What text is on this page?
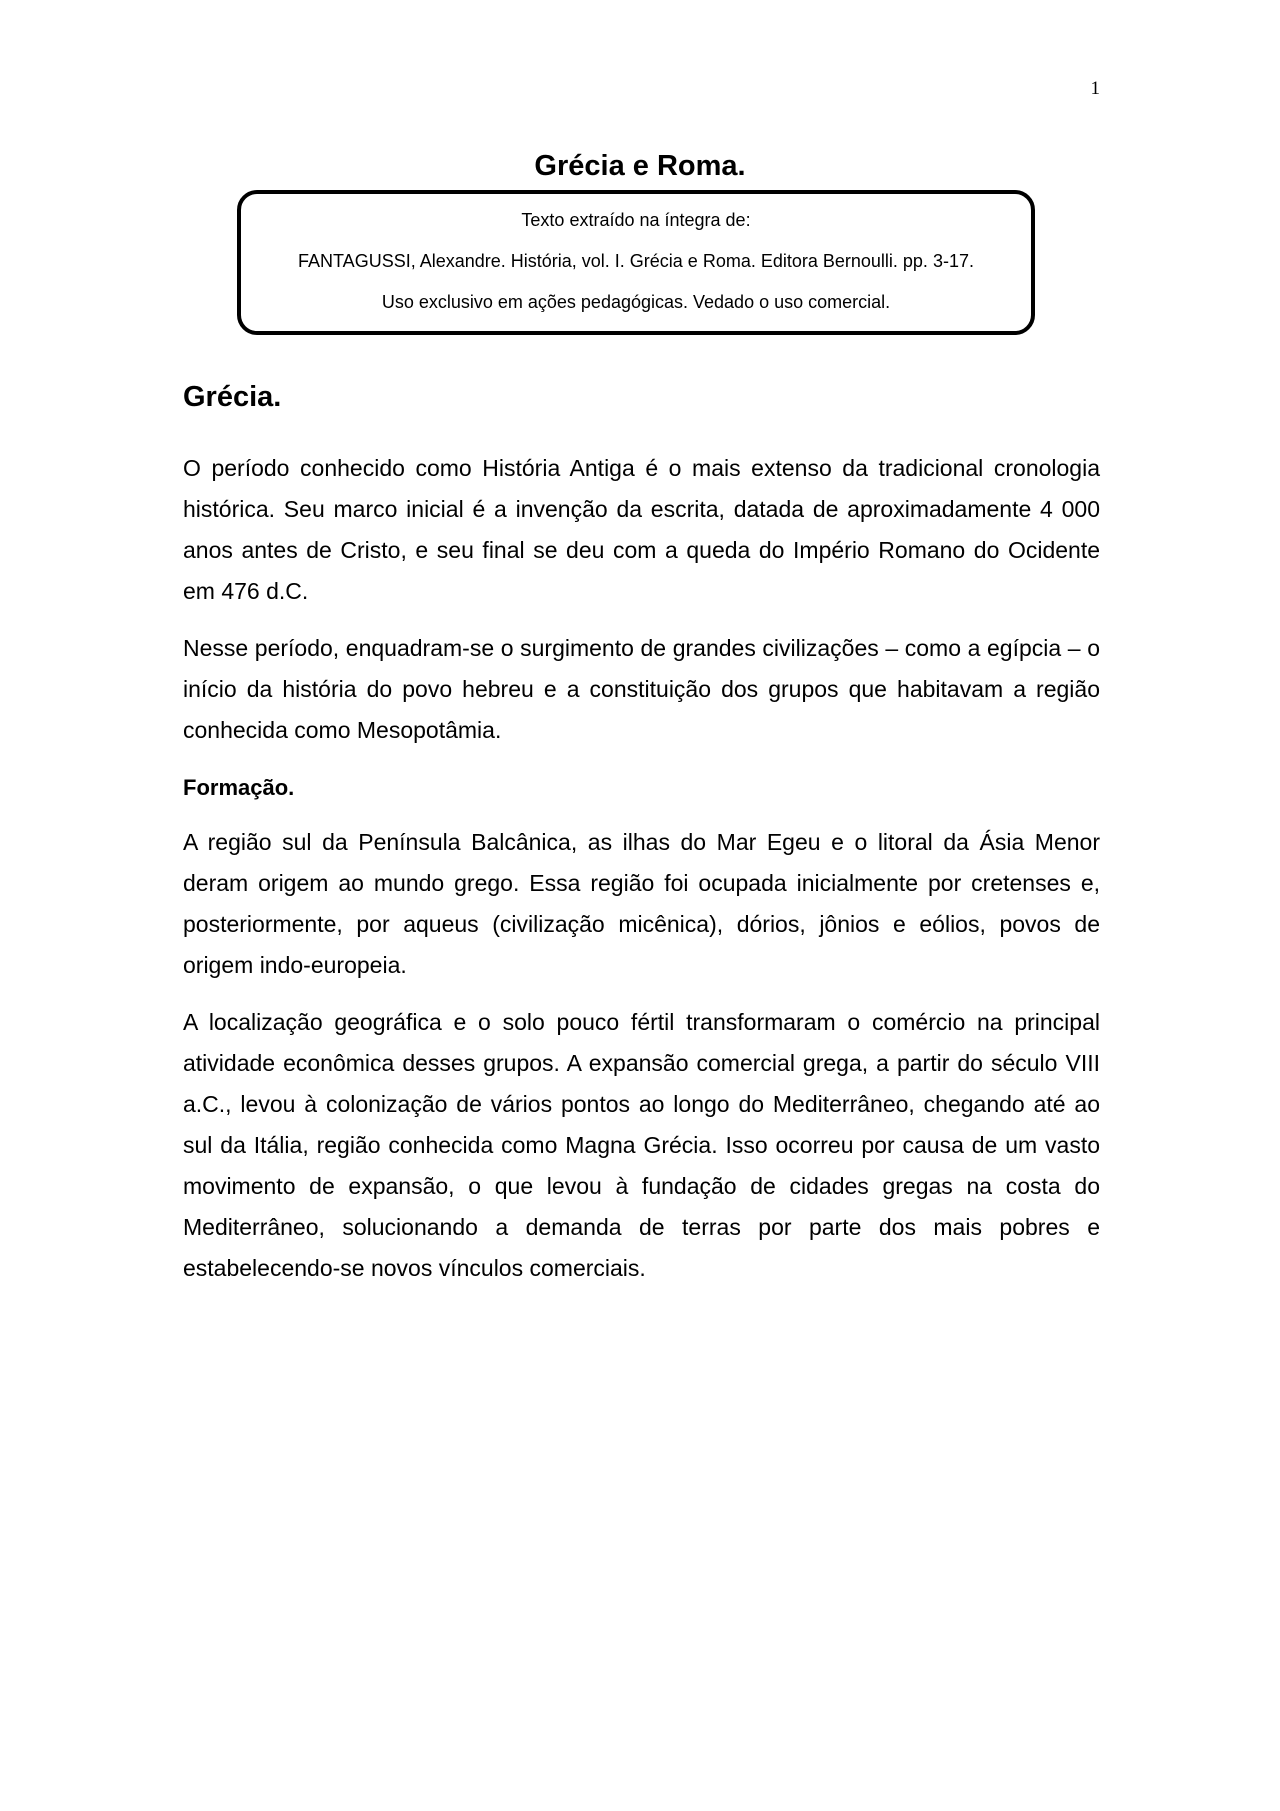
1
Grécia e Roma.

Texto extraído na íntegra de:

FANTAGUSSI, Alexandre. História, vol. I. Grécia e Roma. Editora Bernoulli. pp. 3-17.

Uso exclusivo em ações pedagógicas. Vedado o uso comercial.

Grécia.

O período conhecido como História Antiga é o mais extenso da tradicional cronologia histórica. Seu marco inicial é a invenção da escrita, datada de aproximadamente 4 000 anos antes de Cristo, e seu final se deu com a queda do Império Romano do Ocidente em 476 d.C.

Nesse período, enquadram-se o surgimento de grandes civilizações – como a egípcia – o início da história do povo hebreu e a constituição dos grupos que habitavam a região conhecida como Mesopotâmia.

Formação.

A região sul da Península Balcânica, as ilhas do Mar Egeu e o litoral da Ásia Menor deram origem ao mundo grego. Essa região foi ocupada inicialmente por cretenses e, posteriormente, por aqueus (civilização micênica), dórios, jônios e eólios, povos de origem indo-europeia.

A localização geográfica e o solo pouco fértil transformaram o comércio na principal atividade econômica desses grupos. A expansão comercial grega, a partir do século VIII a.C., levou à colonização de vários pontos ao longo do Mediterrâneo, chegando até ao sul da Itália, região conhecida como Magna Grécia. Isso ocorreu por causa de um vasto movimento de expansão, o que levou à fundação de cidades gregas na costa do Mediterrâneo, solucionando a demanda de terras por parte dos mais pobres e estabelecendo-se novos vínculos comerciais.
